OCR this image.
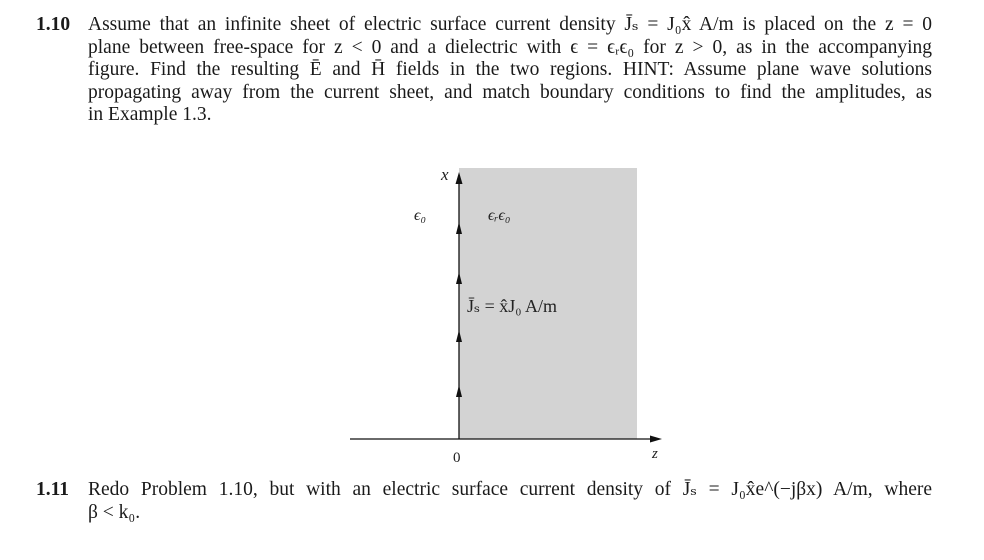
1.10 Assume that an infinite sheet of electric surface current density J̄ₛ = J₀x̂ A/m is placed on the z = 0
plane between free-space for z < 0 and a dielectric with ϵ = ϵᵣϵ₀ for z > 0, as in the accompanying
figure. Find the resulting Ē and H̄ fields in the two regions. HINT: Assume plane wave solutions
propagating away from the current sheet, and match boundary conditions to find the amplitudes, as
in Example 1.3.
x
z
0
ϵ₀	ϵᵣϵ₀
J̄ₛ = x̂J₀ A/m
1.11 Redo Problem 1.10, but with an electric surface current density of J̄ₛ = J₀x̂e^(−jβx) A/m, where
β < k₀.
